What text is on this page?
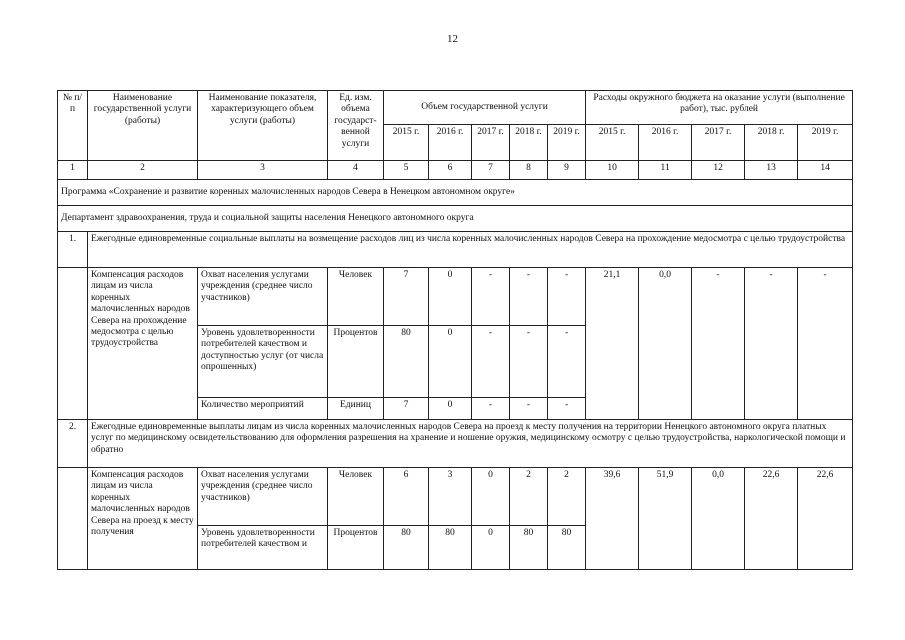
12
№ п/п	Наименование государственной услуги (работы)	Наименование показателя, характеризующего объем услуги (работы)	Ед. изм. объема государст- венной услуги	Объем государственной услуги					Расходы окружного бюджета на оказание услуги (выполнение работ), тыс. рублей				
				2015 г.	2016 г.	2017 г.	2018 г.	2019 г.	2015 г.	2016 г.	2017 г.	2018 г.	2019 г.
1	2	3	4	5	6	7	8	9	10	11	12	13	14
Программа «Сохранение и развитие коренных малочисленных народов Севера в Ненецком автономном округе»													
Департамент здравоохранения, труда и социальной защиты населения Ненецкого автономного округа													
1.	Ежегодные единовременные социальные выплаты на возмещение расходов лиц из числа коренных малочисленных народов Севера на прохождение медосмотра с целью трудоустройства												
	Компенсация расходов лицам из числа коренных малочисленных народов Севера на прохождение медосмотра с целью трудоустройства	Охват населения услугами учреждения (среднее число участников)	Человек	7	0	-	-	-	21,1	0,0	-	-	-
		Уровень удовлетворенности потребителей качеством и доступностью услуг (от числа опрошенных)	Процентов	80	0	-	-	-					
		Количество мероприятий	Единиц	7	0	-	-	-					
2.	Ежегодные единовременные выплаты лицам из числа коренных малочисленных народов Севера на проезд к месту получения на территории Ненецкого автономного округа платных услуг по медицинскому освидетельствованию для оформления разрешения на хранение и ношение оружия, медицинскому осмотру с целью трудоустройства, наркологической помощи и обратно												
	Компенсация расходов лицам из числа коренных малочисленных народов Севера на проезд к месту получения	Охват населения услугами учреждения (среднее число участников)	Человек	6	3	0	2	2	39,6	51,9	0,0	22,6	22,6
		Уровень удовлетворенности потребителей качеством и	Процентов	80	80	0	80	80					
